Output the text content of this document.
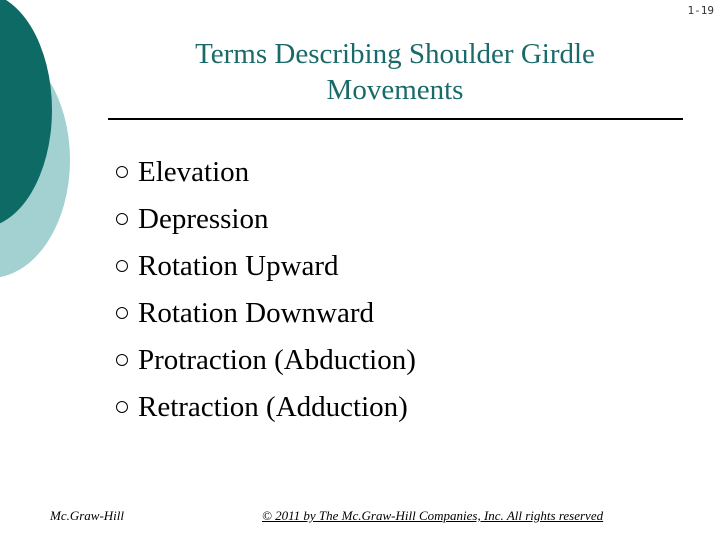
1-19
Terms Describing Shoulder Girdle
Movements
Elevation
Depression
Rotation Upward
Rotation Downward
Protraction (Abduction)
Retraction (Adduction)
Mc.Graw-Hill	© 2011 by The Mc.Graw-Hill Companies, Inc. All rights reserved
